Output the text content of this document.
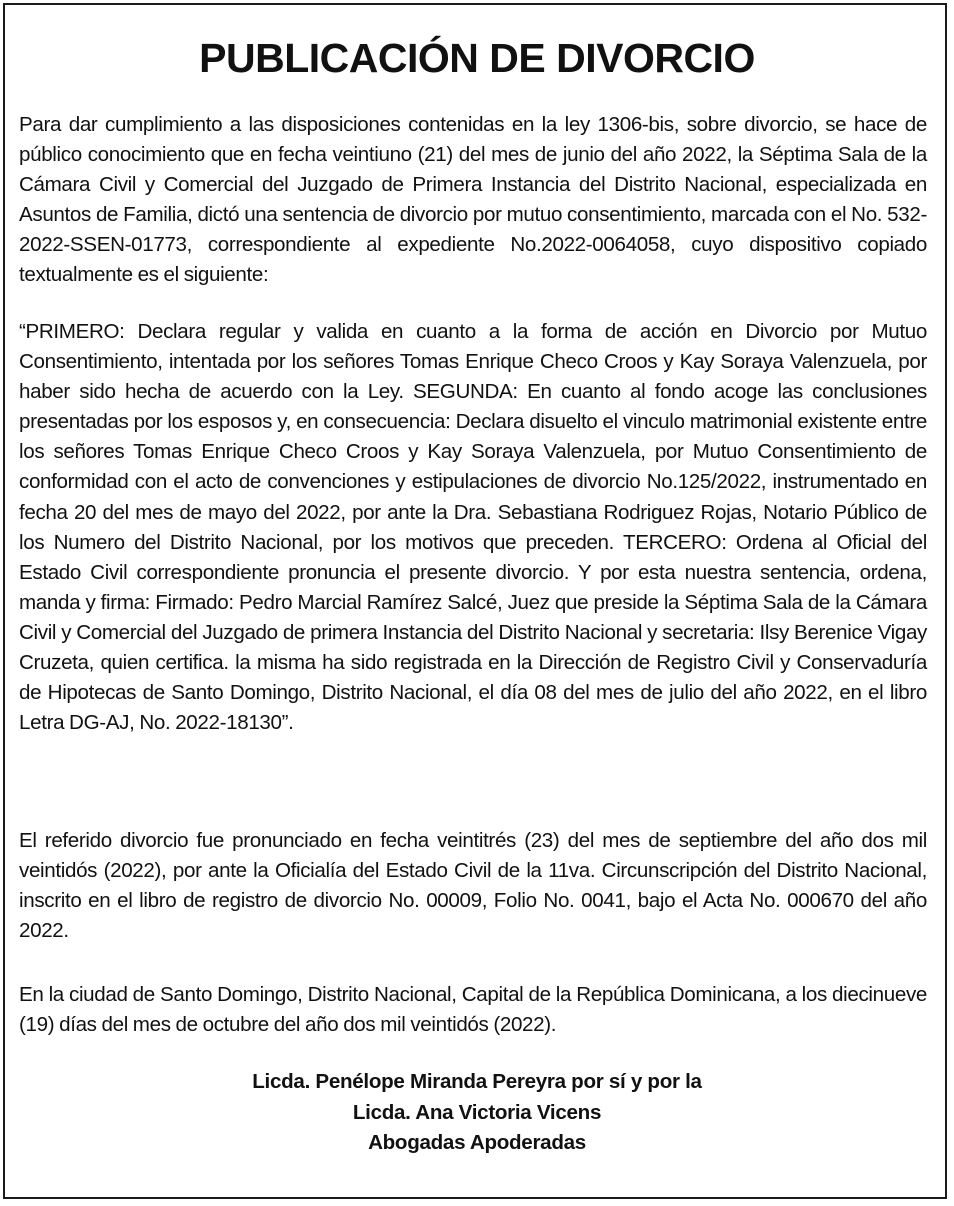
PUBLICACIÓN DE DIVORCIO

Para dar cumplimiento a las disposiciones contenidas en la ley 1306-bis, sobre divorcio, se hace de público conocimiento que en fecha veintiuno (21) del mes de junio del año 2022, la Séptima Sala de la Cámara Civil y Comercial del Juzgado de Primera Instancia del Distrito Nacional, especializada en Asuntos de Familia, dictó una sentencia de divorcio por mutuo consentimiento, marcada con el No. 532-2022-SSEN-01773, correspondiente al expediente No.2022-0064058, cuyo dispositivo copiado textualmente es el siguiente:

“PRIMERO: Declara regular y valida en cuanto a la forma de acción en Divorcio por Mutuo Consentimiento, intentada por los señores Tomas Enrique Checo Croos y Kay Soraya Valenzuela, por haber sido hecha de acuerdo con la Ley. SEGUNDA: En cuanto al fondo acoge las conclusiones presentadas por los esposos y, en consecuencia: Declara disuelto el vinculo matrimonial existente entre los señores Tomas Enrique Checo Croos y Kay Soraya Valenzuela, por Mutuo Consentimiento de conformidad con el acto de convenciones y estipulaciones de divorcio No.125/2022, instrumentado en fecha 20 del mes de mayo del 2022, por ante la Dra. Sebastiana Rodriguez Rojas, Notario Público de los Numero del Distrito Nacional, por los motivos que preceden. TERCERO: Ordena al Oficial del Estado Civil correspondiente pronuncia el presente divorcio. Y por esta nuestra sentencia, ordena, manda y firma: Firmado: Pedro Marcial Ramírez Salcé, Juez que preside la Séptima Sala de la Cámara Civil y Comercial del Juzgado de primera Instancia del Distrito Nacional y secretaria: Ilsy Berenice Vigay Cruzeta, quien certifica. la misma ha sido registrada en la Dirección de Registro Civil y Conservaduría de Hipotecas de Santo Domingo, Distrito Nacional, el día 08 del mes de julio del año 2022, en el libro Letra DG-AJ, No. 2022-18130”.

El referido divorcio fue pronunciado en fecha veintitrés (23) del mes de septiembre del año dos mil veintidós (2022), por ante la Oficialía del Estado Civil de la 11va. Circunscripción del Distrito Nacional, inscrito en el libro de registro de divorcio No. 00009, Folio No. 0041, bajo el Acta No. 000670 del año 2022.

En la ciudad de Santo Domingo, Distrito Nacional, Capital de la República Dominicana, a los diecinueve (19) días del mes de octubre del año dos mil veintidós (2022).

Licda. Penélope Miranda Pereyra por sí y por la
Licda. Ana Victoria Vicens
Abogadas Apoderadas
